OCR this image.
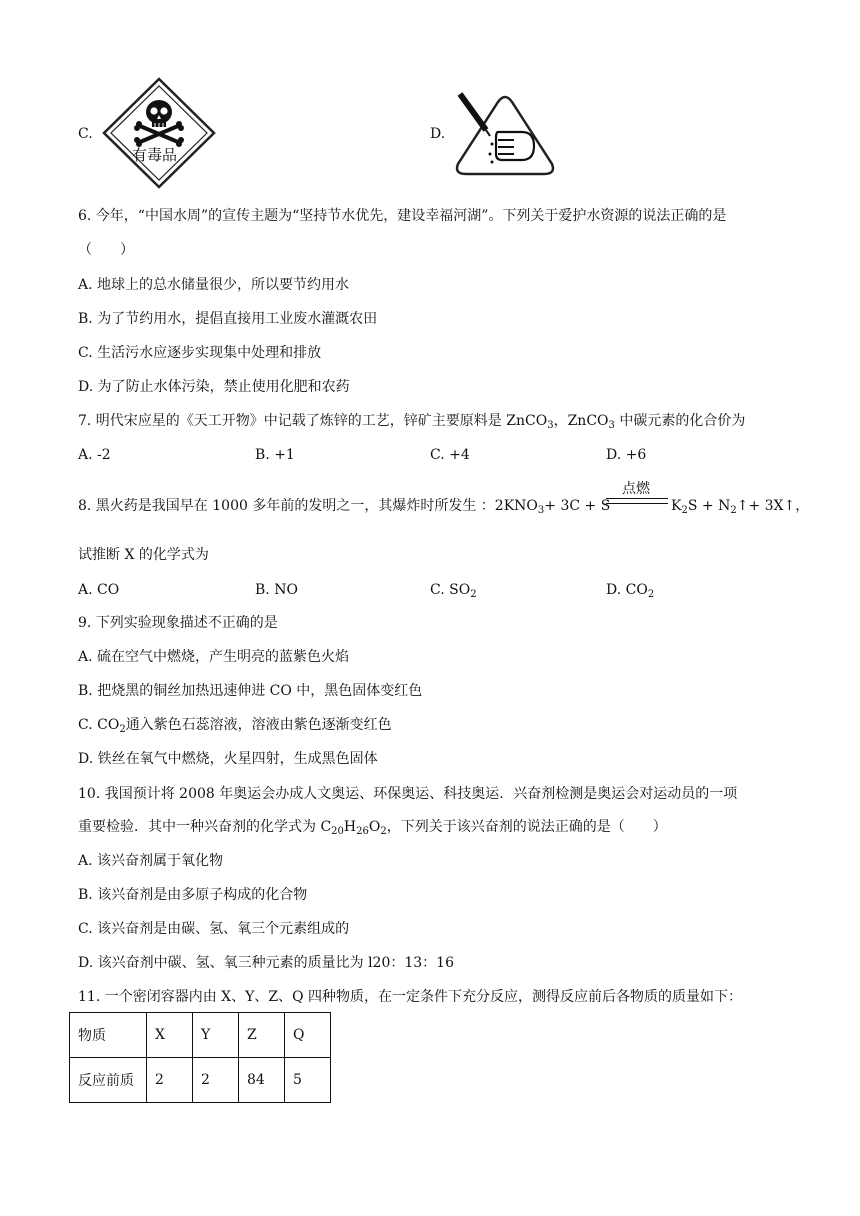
C.
有毒品
D.
6. 今年，“中国水周”的宣传主题为“坚持节水优先，建设幸福河湖”。下列关于爱护水资源的说法正确的是
（　　）
A. 地球上的总水储量很少，所以要节约用水
B. 为了节约用水，提倡直接用工业废水灌溉农田
C. 生活污水应逐步实现集中处理和排放
D. 为了防止水体污染，禁止使用化肥和农药
7. 明代宋应星的《天工开物》中记载了炼锌的工艺，锌矿主要原料是 ZnCO$_3$，ZnCO$_3$ 中碳元素的化合价为
A. -2	B. +1	C. +4	D. +6
点燃
8. 黑火药是我国早在 1000 多年前的发明之一，其爆炸时所发生 ：$2KNO_3+ 3C + S$	$K_2S$ + $N_2↑+$ 3X↑，
试推断 X 的化学式为
A. CO	B. NO	C. $SO_2$	D. $CO_2$
9. 下列实验现象描述不正确的是
A. 硫在空气中燃烧，产生明亮的蓝紫色火焰
B. 把烧黑的铜丝加热迅速伸进 CO 中，黑色固体变红色
C. $CO_2$通入紫色石蕊溶液，溶液由紫色逐渐变红色
D. 铁丝在氧气中燃烧，火星四射，生成黑色固体
10. 我国预计将 2008 年奥运会办成人文奥运、环保奥运、科技奥运．兴奋剂检测是奥运会对运动员的一项
重要检验．其中一种兴奋剂的化学式为 $C_{20}H_{26}O_2$，下列关于该兴奋剂的说法正确的是（　　）
A. 该兴奋剂属于氧化物
B. 该兴奋剂是由多原子构成的化合物
C. 该兴奋剂是由碳、氢、氧三个元素组成的
D. 该兴奋剂中碳、氢、氧三种元素的质量比为 l20：13：16
11. 一个密闭容器内由 X、Y、Z、Q 四种物质，在一定条件下充分反应，测得反应前后各物质的质量如下：
物质	X	Y	Z	Q
反应前质	2	2	84	5
